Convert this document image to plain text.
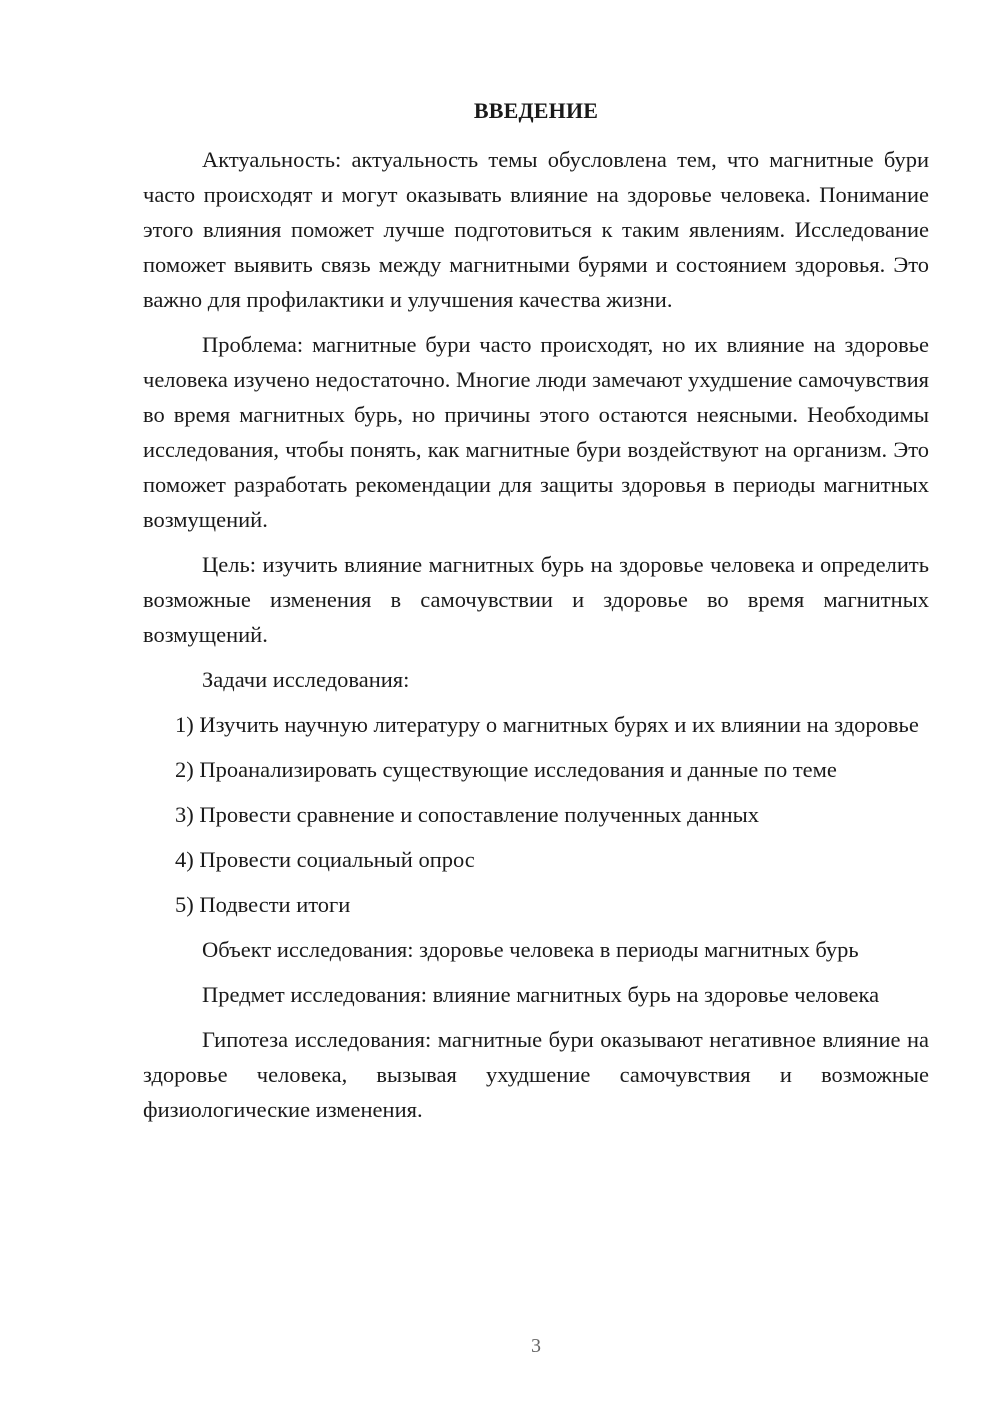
ВВЕДЕНИЕ

Актуальность: актуальность темы обусловлена тем, что магнитные бури часто происходят и могут оказывать влияние на здоровье человека. Понимание этого влияния поможет лучше подготовиться к таким явлениям. Исследование поможет выявить связь между магнитными бурями и состоянием здоровья. Это важно для профилактики и улучшения качества жизни.

Проблема: магнитные бури часто происходят, но их влияние на здоровье человека изучено недостаточно. Многие люди замечают ухудшение самочувствия во время магнитных бурь, но причины этого остаются неясными. Необходимы исследования, чтобы понять, как магнитные бури воздействуют на организм. Это поможет разработать рекомендации для защиты здоровья в периоды магнитных возмущений.

Цель: изучить влияние магнитных бурь на здоровье человека и определить возможные изменения в самочувствии и здоровье во время магнитных возмущений.

Задачи исследования:

1) Изучить научную литературу о магнитных бурях и их влиянии на здоровье

2) Проанализировать существующие исследования и данные по теме

3) Провести сравнение и сопоставление полученных данных

4) Провести социальный опрос

5) Подвести итоги

Объект исследования: здоровье человека в периоды магнитных бурь

Предмет исследования: влияние магнитных бурь на здоровье человека

Гипотеза исследования: магнитные бури оказывают негативное влияние на здоровье человека, вызывая ухудшение самочувствия и возможные физиологические изменения.

3
